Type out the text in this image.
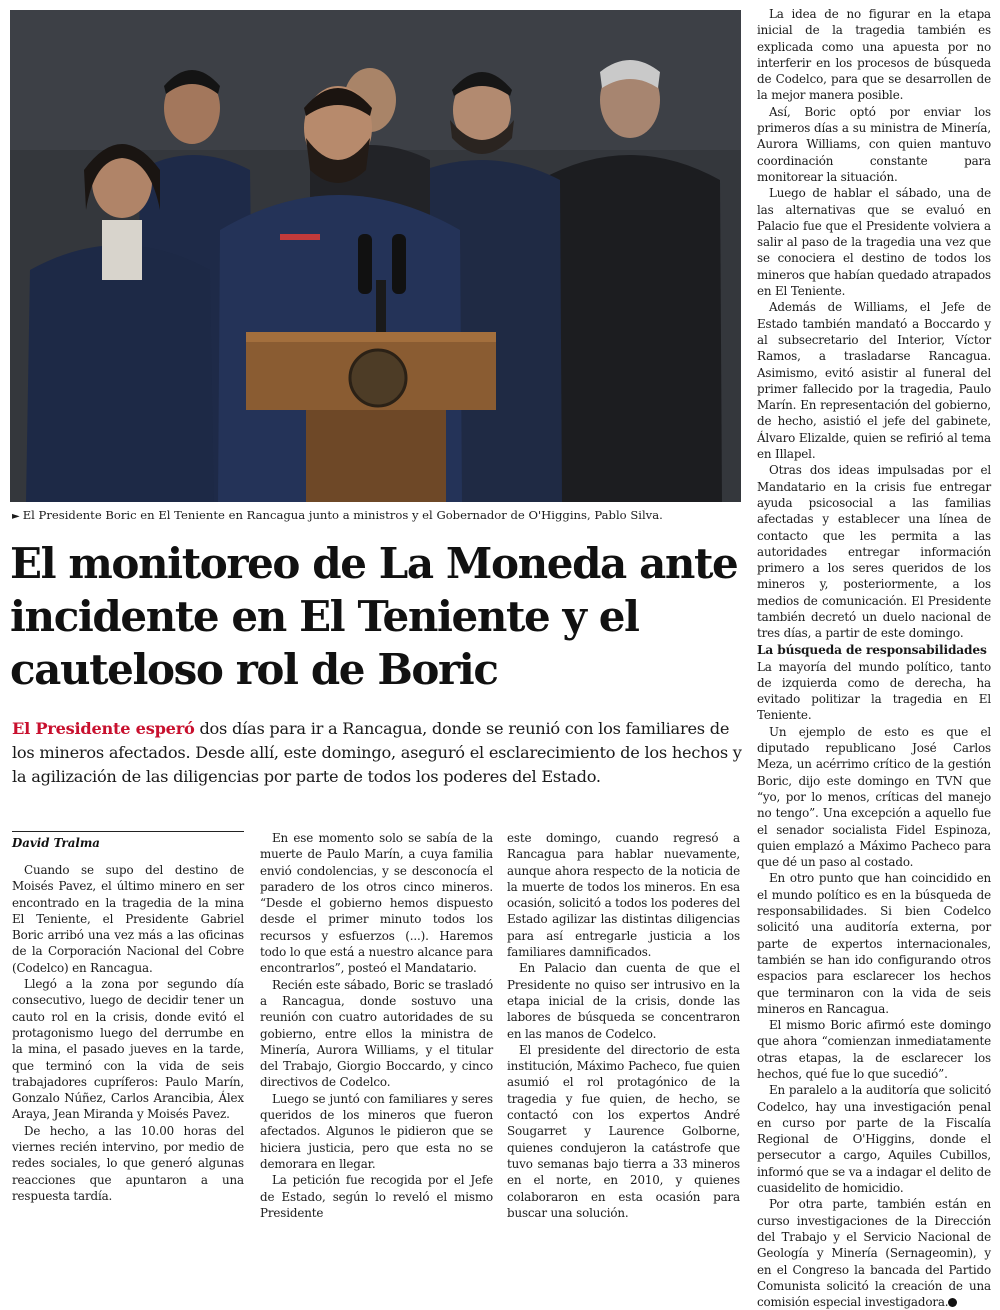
► El Presidente Boric en El Teniente en Rancagua junto a ministros y el Gobernador de O'Higgins, Pablo Silva.
El monitoreo de La Moneda ante incidente en El Teniente y el cauteloso rol de Boric
El Presidente esperó dos días para ir a Rancagua, donde se reunió con los familiares de los mineros afectados. Desde allí, este domingo, aseguró el esclarecimiento de los hechos y la agilización de las diligencias por parte de todos los poderes del Estado.
David Tralma

Cuando se supo del destino de Moisés Pavez, el último minero en ser encontrado en la tragedia de la mina El Teniente, el Presidente Gabriel Boric arribó una vez más a las oficinas de la Corporación Nacional del Cobre (Codelco) en Rancagua.

Llegó a la zona por segundo día consecutivo, luego de decidir tener un cauto rol en la crisis, donde evitó el protagonismo luego del derrumbe en la mina, el pasado jueves en la tarde, que terminó con la vida de seis trabajadores cupríferos: Paulo Marín, Gonzalo Núñez, Carlos Arancibia, Álex Araya, Jean Miranda y Moisés Pavez.

De hecho, a las 10.00 horas del viernes recién intervino, por medio de redes sociales, lo que generó algunas reacciones que apuntaron a una respuesta tardía.

En ese momento solo se sabía de la muerte de Paulo Marín, a cuya familia envió condolencias, y se desconocía el paradero de los otros cinco mineros. “Desde el gobierno hemos dispuesto desde el primer minuto todos los recursos y esfuerzos (...). Haremos todo lo que está a nuestro alcance para encontrarlos”, posteó el Mandatario.

Recién este sábado, Boric se trasladó a Rancagua, donde sostuvo una reunión con cuatro autoridades de su gobierno, entre ellos la ministra de Minería, Aurora Williams, y el titular del Trabajo, Giorgio Boccardo, y cinco directivos de Codelco.

Luego se juntó con familiares y seres queridos de los mineros que fueron afectados. Algunos le pidieron que se hiciera justicia, pero que esta no se demorara en llegar.

La petición fue recogida por el Jefe de Estado, según lo reveló el mismo Presidente

este domingo, cuando regresó a Rancagua para hablar nuevamente, aunque ahora respecto de la noticia de la muerte de todos los mineros. En esa ocasión, solicitó a todos los poderes del Estado agilizar las distintas diligencias para así entregarle justicia a los familiares damnificados.

En Palacio dan cuenta de que el Presidente no quiso ser intrusivo en la etapa inicial de la crisis, donde las labores de búsqueda se concentraron en las manos de Codelco.

El presidente del directorio de esta institución, Máximo Pacheco, fue quien asumió el rol protagónico de la tragedia y fue quien, de hecho, se contactó con los expertos André Sougarret y Laurence Golborne, quienes condujeron la catástrofe que tuvo semanas bajo tierra a 33 mineros en el norte, en 2010, y quienes colaboraron en esta ocasión para buscar una solución.

La idea de no figurar en la etapa inicial de la tragedia también es explicada como una apuesta por no interferir en los procesos de búsqueda de Codelco, para que se desarrollen de la mejor manera posible.

Así, Boric optó por enviar los primeros días a su ministra de Minería, Aurora Williams, con quien mantuvo coordinación constante para monitorear la situación.

Luego de hablar el sábado, una de las alternativas que se evaluó en Palacio fue que el Presidente volviera a salir al paso de la tragedia una vez que se conociera el destino de todos los mineros que habían quedado atrapados en El Teniente.

Además de Williams, el Jefe de Estado también mandató a Boccardo y al subsecretario del Interior, Víctor Ramos, a trasladarse Rancagua. Asimismo, evitó asistir al funeral del primer fallecido por la tragedia, Paulo Marín. En representación del gobierno, de hecho, asistió el jefe del gabinete, Álvaro Elizalde, quien se refirió al tema en Illapel.

Otras dos ideas impulsadas por el Mandatario en la crisis fue entregar ayuda psicosocial a las familias afectadas y establecer una línea de contacto que les permita a las autoridades entregar información primero a los seres queridos de los mineros y, posteriormente, a los medios de comunicación. El Presidente también decretó un duelo nacional de tres días, a partir de este domingo.

La búsqueda de responsabilidades

La mayoría del mundo político, tanto de izquierda como de derecha, ha evitado politizar la tragedia en El Teniente.

Un ejemplo de esto es que el diputado republicano José Carlos Meza, un acérrimo crítico de la gestión Boric, dijo este domingo en TVN que “yo, por lo menos, críticas del manejo no tengo”. Una excepción a aquello fue el senador socialista Fidel Espinoza, quien emplazó a Máximo Pacheco para que dé un paso al costado.

En otro punto que han coincidido en el mundo político es en la búsqueda de responsabilidades. Si bien Codelco solicitó una auditoría externa, por parte de expertos internacionales, también se han ido configurando otros espacios para esclarecer los hechos que terminaron con la vida de seis mineros en Rancagua.

El mismo Boric afirmó este domingo que ahora “comienzan inmediatamente otras etapas, la de esclarecer los hechos, qué fue lo que sucedió”.

En paralelo a la auditoría que solicitó Codelco, hay una investigación penal en curso por parte de la Fiscalía Regional de O'Higgins, donde el persecutor a cargo, Aquiles Cubillos, informó que se va a indagar el delito de cuasidelito de homicidio.

Por otra parte, también están en curso investigaciones de la Dirección del Trabajo y el Servicio Nacional de Geología y Minería (Sernageomin), y en el Congreso la bancada del Partido Comunista solicitó la creación de una comisión especial investigadora.
